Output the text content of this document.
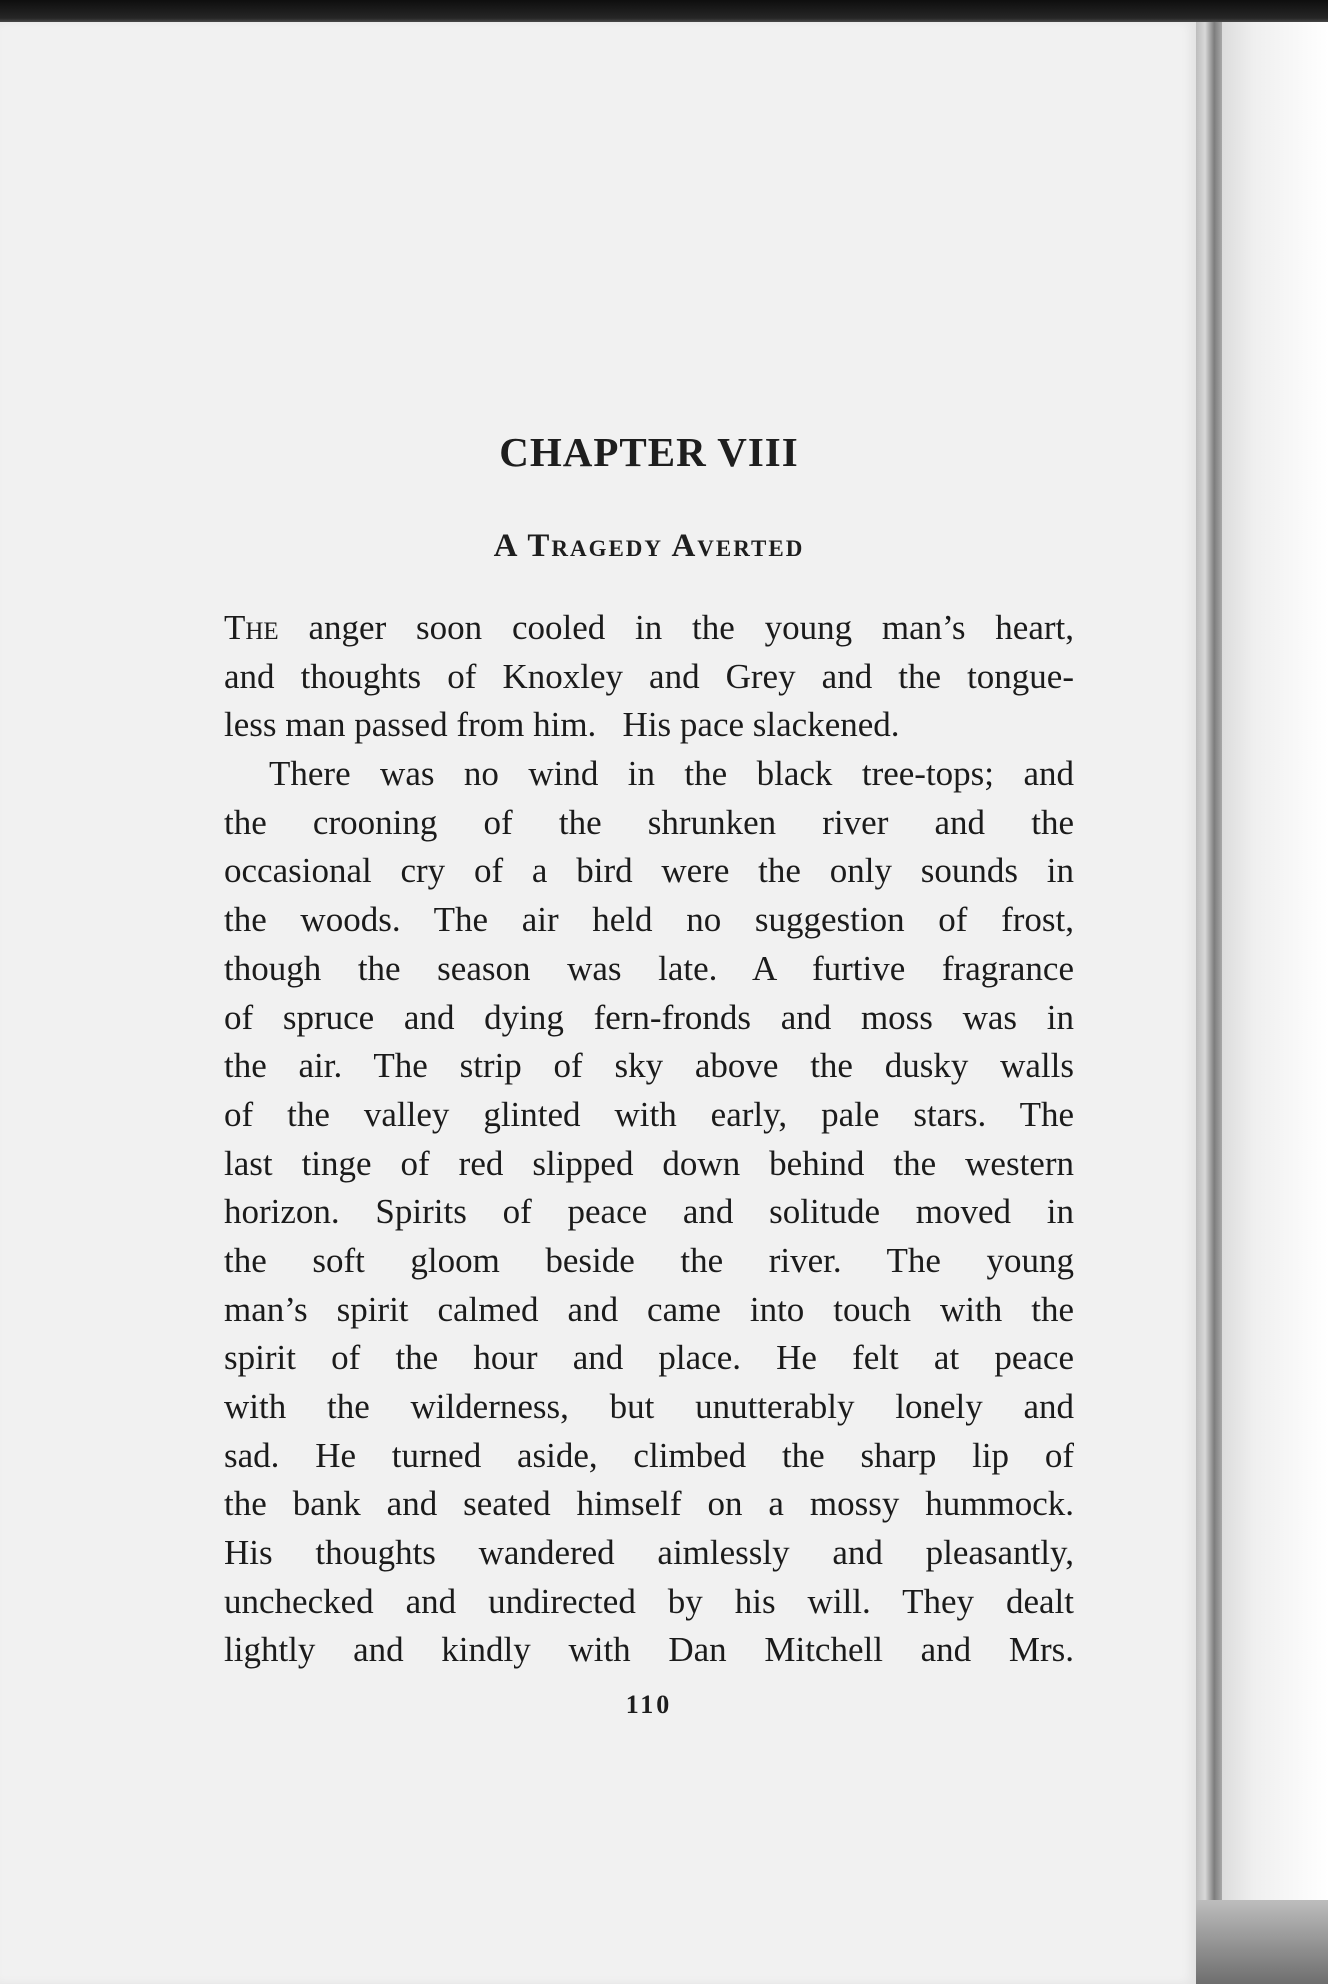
CHAPTER VIII
A Tragedy Averted

The anger soon cooled in the young man’s heart,
and thoughts of Knoxley and Grey and the tongue-
less man passed from him.   His pace slackened.

There was no wind in the black tree-tops; and
the crooning of the shrunken river and the
occasional cry of a bird were the only sounds in
the woods. The air held no suggestion of frost,
though the season was late. A furtive fragrance
of spruce and dying fern-fronds and moss was in
the air. The strip of sky above the dusky walls
of the valley glinted with early, pale stars. The
last tinge of red slipped down behind the western
horizon. Spirits of peace and solitude moved in
the soft gloom beside the river. The young
man’s spirit calmed and came into touch with the
spirit of the hour and place. He felt at peace
with the wilderness, but unutterably lonely and
sad. He turned aside, climbed the sharp lip of
the bank and seated himself on a mossy hummock.
His thoughts wandered aimlessly and pleasantly,
unchecked and undirected by his will. They dealt
lightly and kindly with Dan Mitchell and Mrs.

110
